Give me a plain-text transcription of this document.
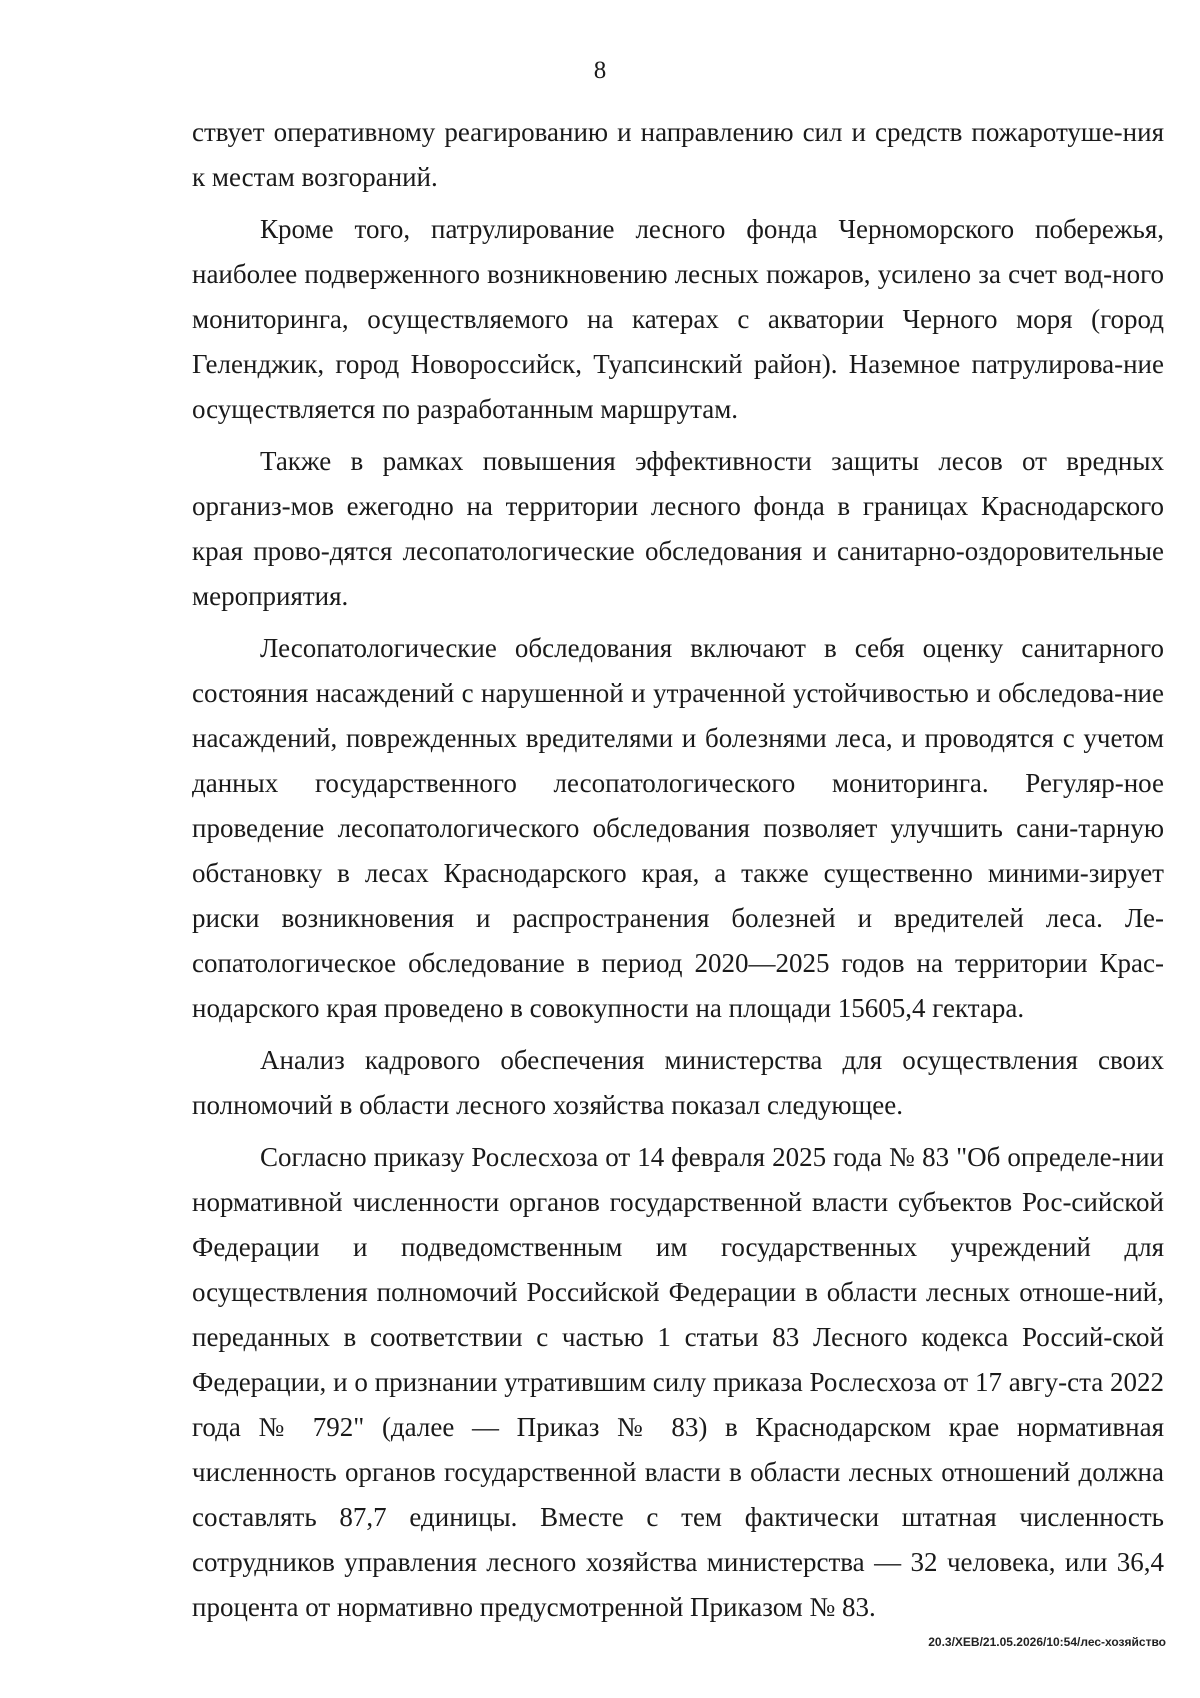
8

ствует оперативному реагированию и направлению сил и средств пожаротуше-ния к местам возгораний.

Кроме того, патрулирование лесного фонда Черноморского побережья, наиболее подверженного возникновению лесных пожаров, усилено за счет вод-ного мониторинга, осуществляемого на катерах с акватории Черного моря (город Геленджик, город Новороссийск, Туапсинский район). Наземное патрулирова-ние осуществляется по разработанным маршрутам.

Также в рамках повышения эффективности защиты лесов от вредных организ-мов ежегодно на территории лесного фонда в границах Краснодарского края прово-дятся лесопатологические обследования и санитарно-оздоровительные мероприятия.

Лесопатологические обследования включают в себя оценку санитарного состояния насаждений с нарушенной и утраченной устойчивостью и обследова-ние насаждений, поврежденных вредителями и болезнями леса, и проводятся с учетом данных государственного лесопатологического мониторинга. Регуляр-ное проведение лесопатологического обследования позволяет улучшить сани-тарную обстановку в лесах Краснодарского края, а также существенно миними-зирует риски возникновения и распространения болезней и вредителей леса. Ле-сопатологическое обследование в период 2020—2025 годов на территории Крас-нодарского края проведено в совокупности на площади 15605,4 гектара.

Анализ кадрового обеспечения министерства для осуществления своих полномочий в области лесного хозяйства показал следующее.

Согласно приказу Рослесхоза от 14 февраля 2025 года № 83 "Об определе-нии нормативной численности органов государственной власти субъектов Рос-сийской Федерации и подведомственным им государственных учреждений для осуществления полномочий Российской Федерации в области лесных отноше-ний, переданных в соответствии с частью 1 статьи 83 Лесного кодекса Россий-ской Федерации, и о признании утратившим силу приказа Рослесхоза от 17 авгу-ста 2022 года № 792" (далее — Приказ № 83) в Краснодарском крае нормативная численность органов государственной власти в области лесных отношений должна составлять 87,7 единицы. Вместе с тем фактически штатная численность сотрудников управления лесного хозяйства министерства — 32 человека, или 36,4 процента от нормативно предусмотренной Приказом № 83.

20.3/ХЕВ/21.05.2026/10:54/лес-хозяйство
